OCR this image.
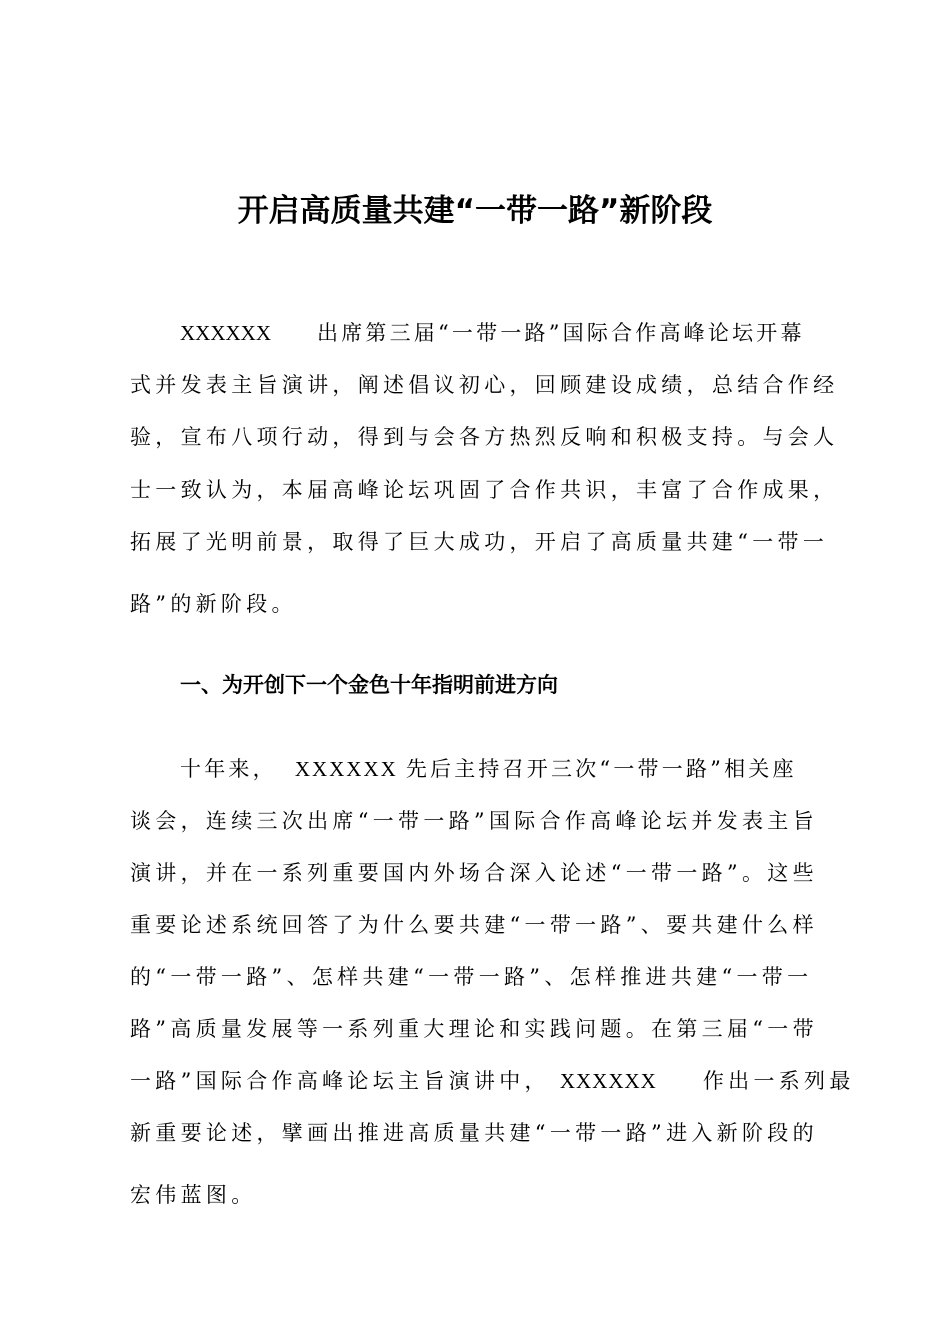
开启高质量共建“一带一路”新阶段
XXXXXX 出席第三届“一带一路”国际合作高峰论坛开幕
式并发表主旨演讲，阐述倡议初心，回顾建设成绩，总结合作经
验，宣布八项行动，得到与会各方热烈反响和积极支持。与会人
士一致认为，本届高峰论坛巩固了合作共识，丰富了合作成果，
拓展了光明前景，取得了巨大成功，开启了高质量共建“一带一
路”的新阶段。
一、为开创下一个金色十年指明前进方向
十年来， XXXXXX 先后主持召开三次“一带一路”相关座
谈会，连续三次出席“一带一路”国际合作高峰论坛并发表主旨
演讲，并在一系列重要国内外场合深入论述“一带一路”。这些
重要论述系统回答了为什么要共建“一带一路”、要共建什么样
的“一带一路”、怎样共建“一带一路”、怎样推进共建“一带一
路”高质量发展等一系列重大理论和实践问题。在第三届“一带
一路”国际合作高峰论坛主旨演讲中， XXXXXX 作出一系列最
新重要论述，擘画出推进高质量共建“一带一路”进入新阶段的
宏伟蓝图。
